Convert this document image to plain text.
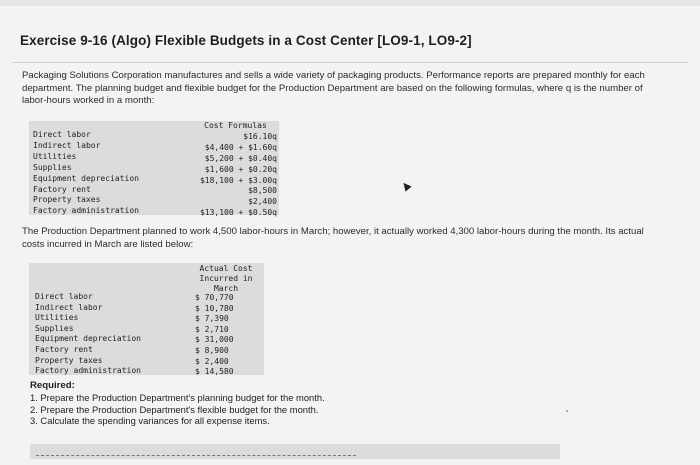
Exercise 9-16 (Algo) Flexible Budgets in a Cost Center [LO9-1, LO9-2]
Packaging Solutions Corporation manufactures and sells a wide variety of packaging products. Performance reports are prepared monthly for each department. The planning budget and flexible budget for the Production Department are based on the following formulas, where q is the number of labor-hours worked in a month:
Direct labor
Indirect labor
Utilities
Supplies
Equipment depreciation
Factory rent
Property taxes
Factory administration
Cost Formulas
$16.10q
$4,400 + $1.60q
$5,200 + $0.40q
$1,600 + $0.20q
$18,100 + $3.00q
$8,500
$2,400
$13,100 + $0.50q
The Production Department planned to work 4,500 labor-hours in March; however, it actually worked 4,300 labor-hours during the month. Its actual costs incurred in March are listed below:
Actual Cost
Incurred in
March
Direct labor
Indirect labor
Utilities
Supplies
Equipment depreciation
Factory rent
Property taxes
Factory administration
$ 70,770
$ 10,780
$ 7,390
$ 2,710
$ 31,000
$ 8,900
$ 2,400
$ 14,580
Required:
1. Prepare the Production Department's planning budget for the month.
2. Prepare the Production Department's flexible budget for the month.
3. Calculate the spending variances for all expense items.
